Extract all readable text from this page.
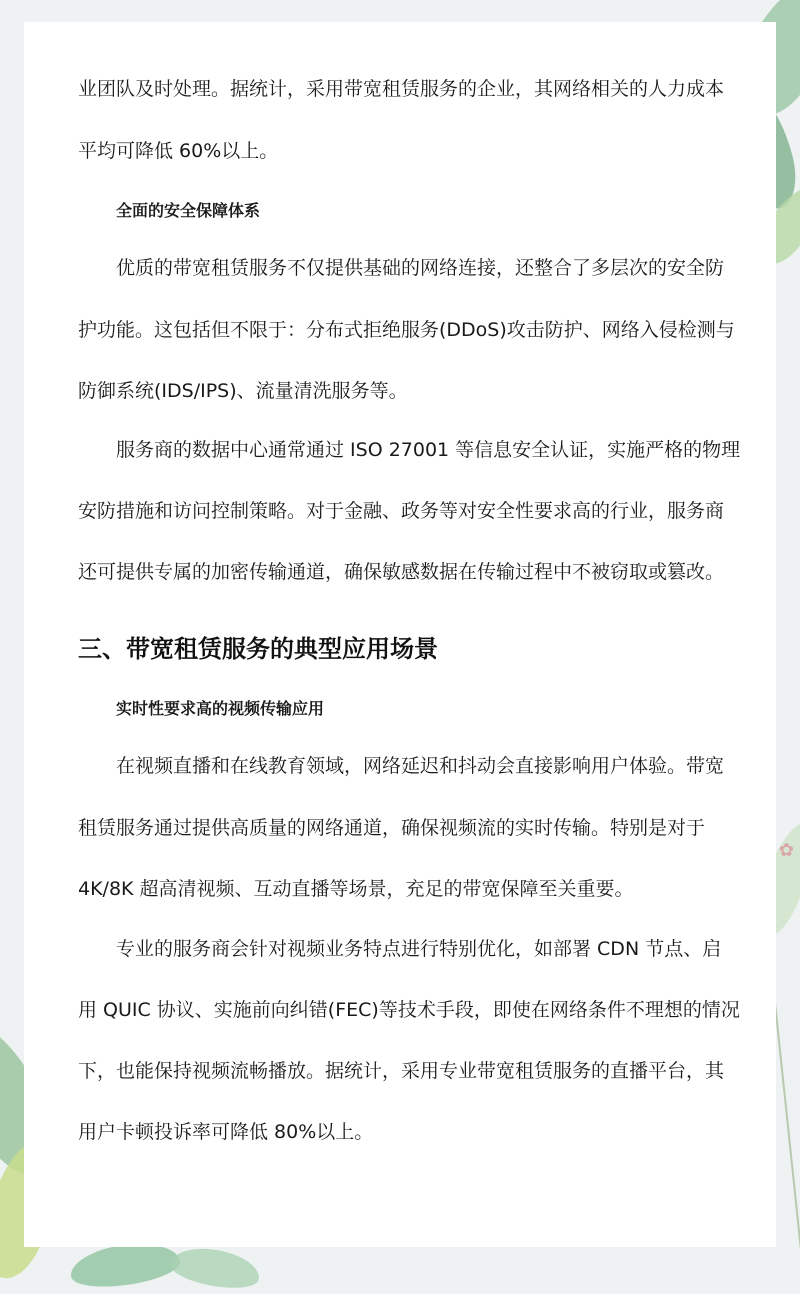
✿
业团队及时处理。据统计，采用带宽租赁服务的企业，其网络相关的人力成本
平均可降低 60%以上。
全面的安全保障体系
优质的带宽租赁服务不仅提供基础的网络连接，还整合了多层次的安全防
护功能。这包括但不限于：分布式拒绝服务(DDoS)攻击防护、网络入侵检测与
防御系统(IDS/IPS)、流量清洗服务等。
服务商的数据中心通常通过 ISO 27001 等信息安全认证，实施严格的物理
安防措施和访问控制策略。对于金融、政务等对安全性要求高的行业，服务商
还可提供专属的加密传输通道，确保敏感数据在传输过程中不被窃取或篡改。
三、带宽租赁服务的典型应用场景
实时性要求高的视频传输应用
在视频直播和在线教育领域，网络延迟和抖动会直接影响用户体验。带宽
租赁服务通过提供高质量的网络通道，确保视频流的实时传输。特别是对于
4K/8K 超高清视频、互动直播等场景，充足的带宽保障至关重要。
专业的服务商会针对视频业务特点进行特别优化，如部署 CDN 节点、启
用 QUIC 协议、实施前向纠错(FEC)等技术手段，即使在网络条件不理想的情况
下，也能保持视频流畅播放。据统计，采用专业带宽租赁服务的直播平台，其
用户卡顿投诉率可降低 80%以上。
